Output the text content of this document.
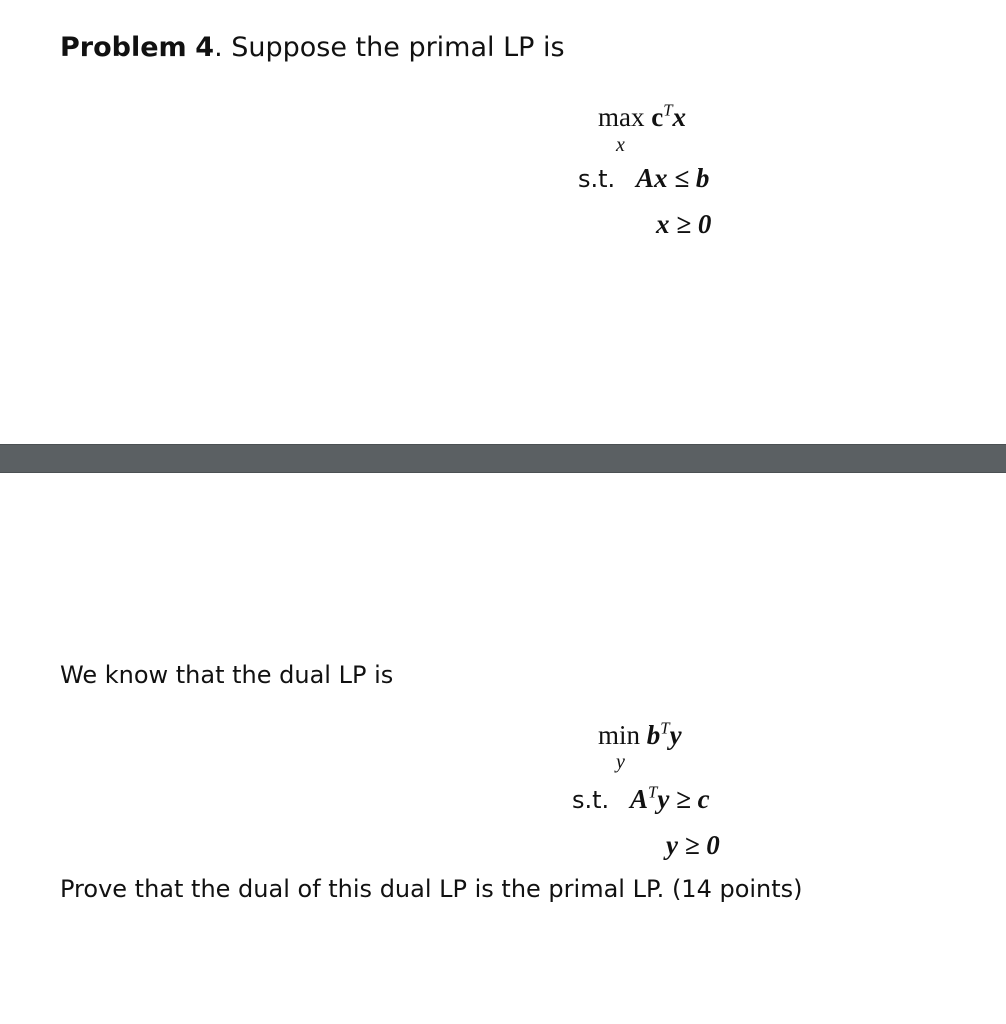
Problem 4. Suppose the primal LP is
$\max c^Tx$
x
s.t. Ax ≤ b
x ≥ 0
We know that the dual LP is
$\min b^Ty$
y
s.t. $A^Ty \ge c$
y ≥ 0
Prove that the dual of this dual LP is the primal LP. (14 points)
